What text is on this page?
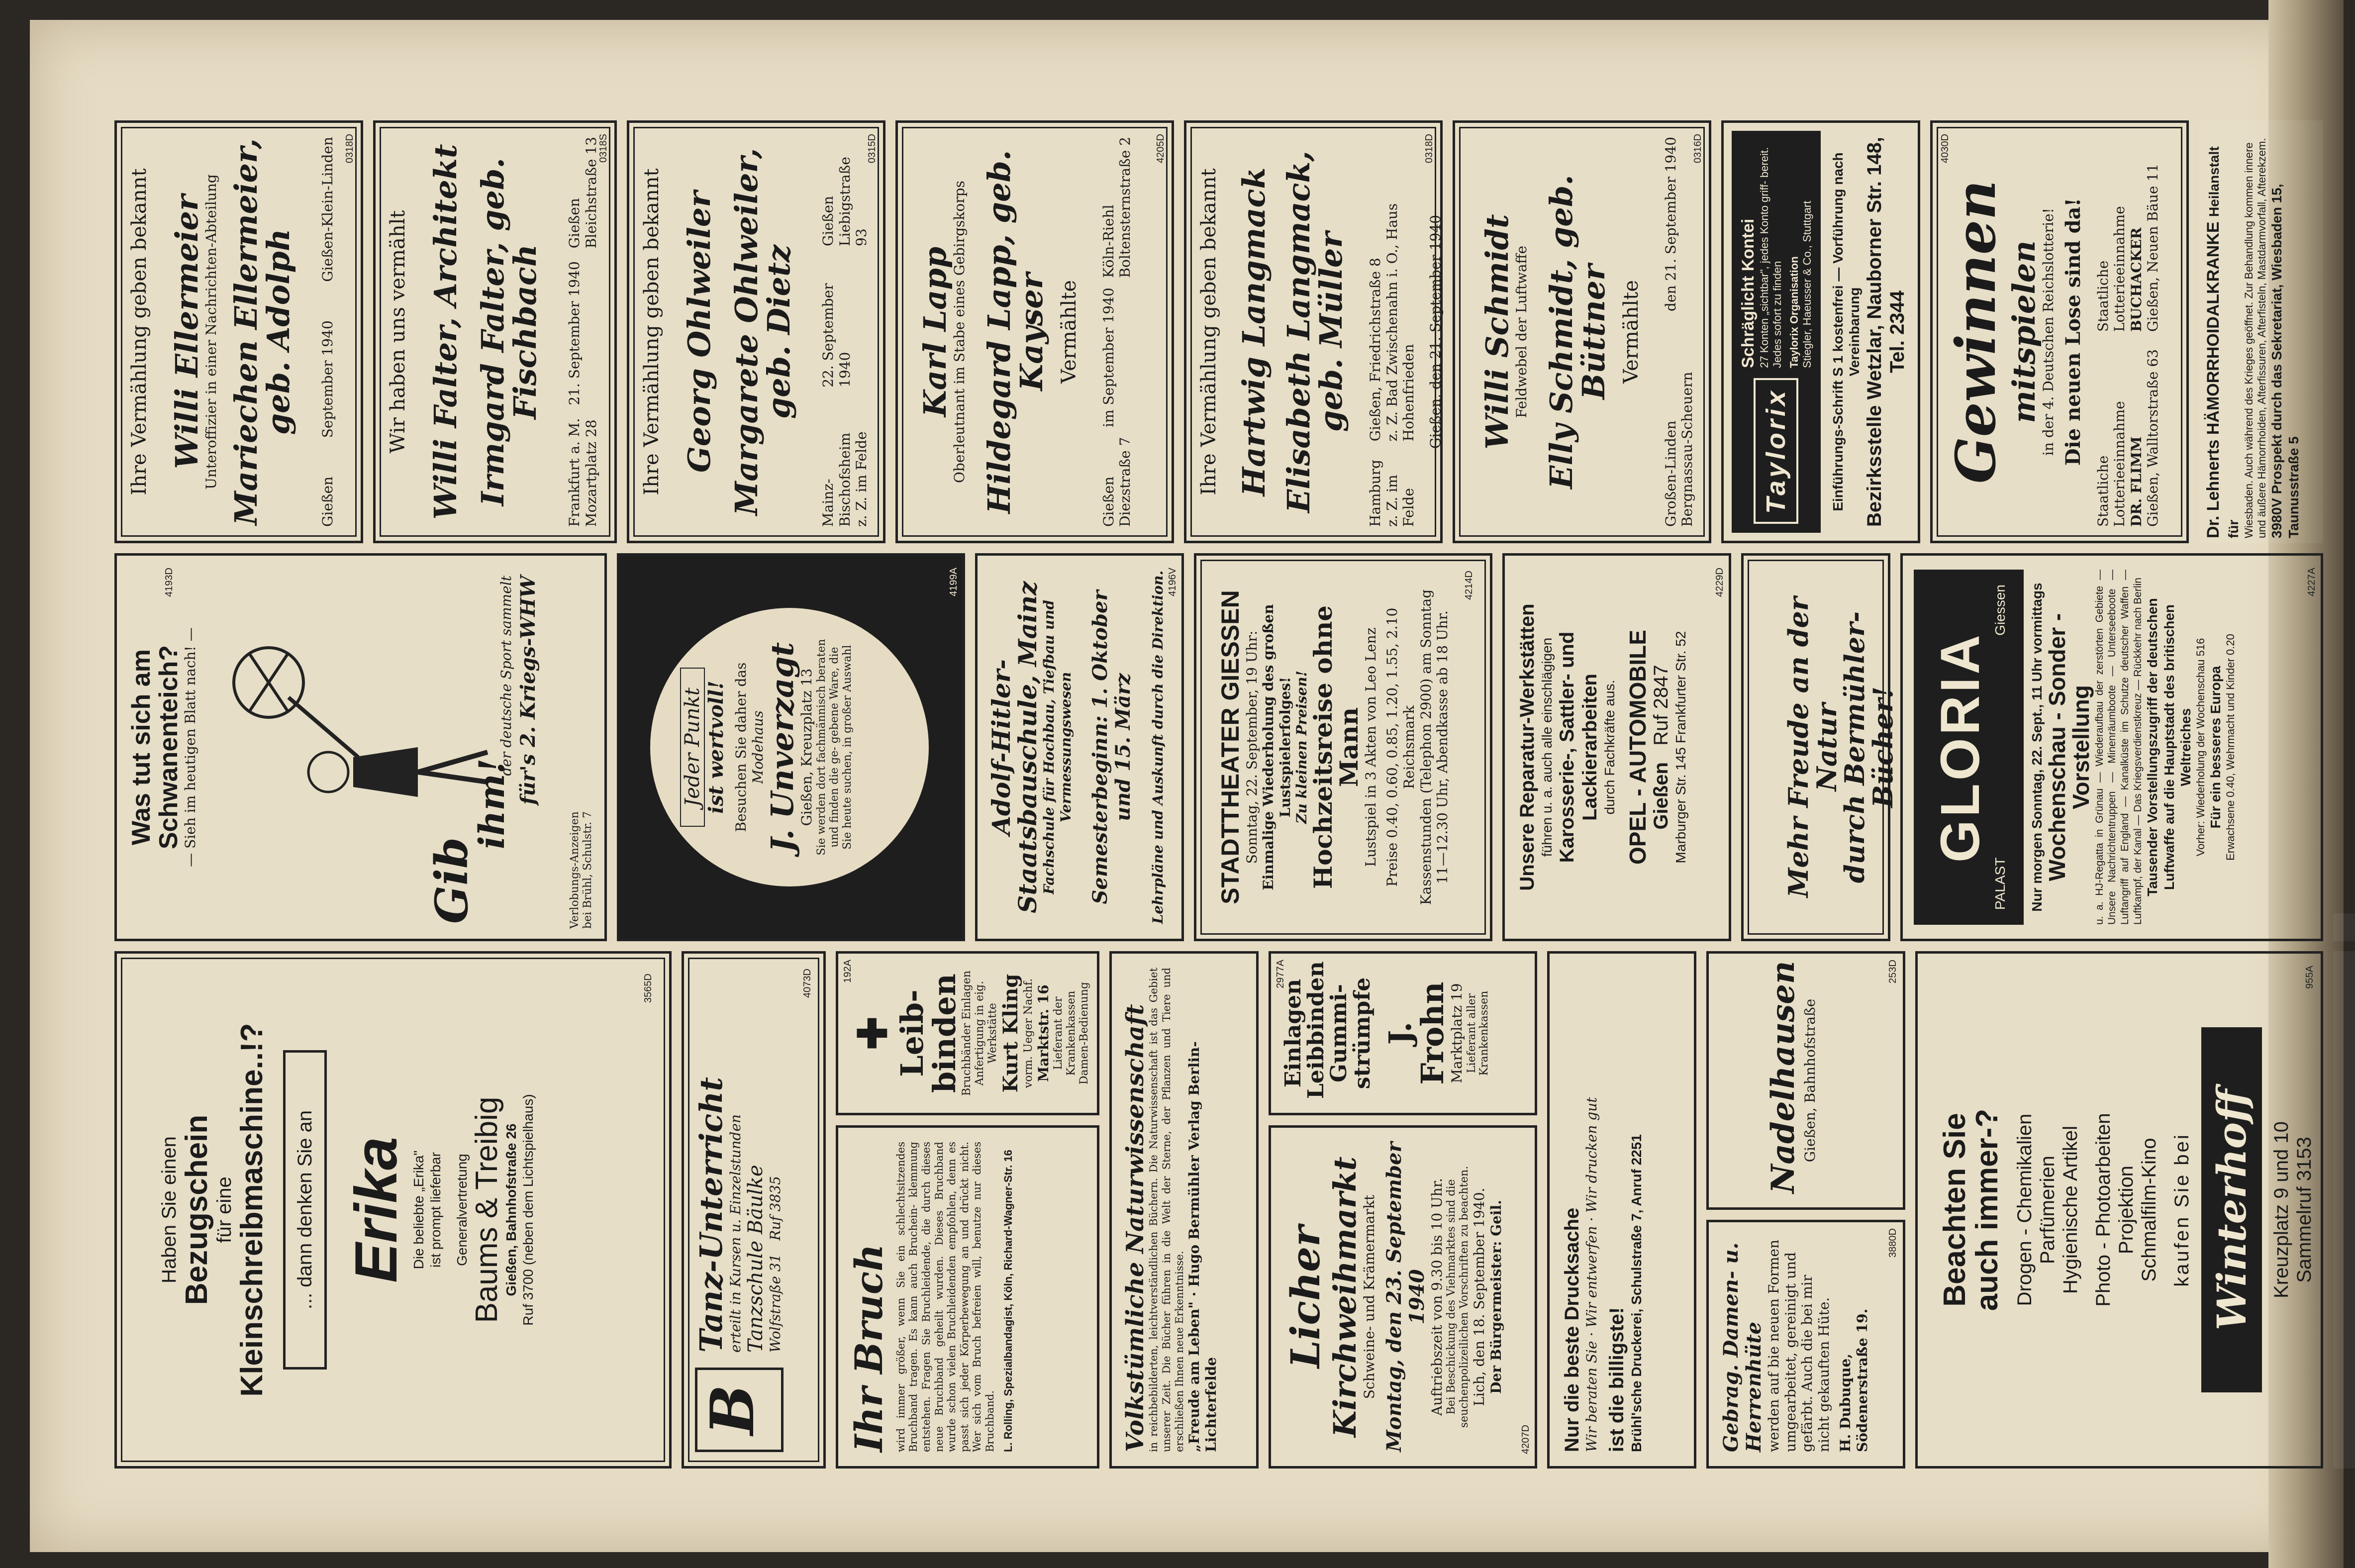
Ihre Vermählung geben bekannt Willi Ellermeier
Unteroffizier in einer Nachrichten-Abteilung Mariechen Ellermeier, geb. Adolph
Gießen
September 1940
Gießen-Klein-Linden 0318D
Wir haben uns vermählt Willi Falter, Architekt Irmgard Falter, geb. Fischbach
Frankfurt a. M.
Mozartplatz 28
21. September 1940
Gießen
Bleichstraße 13
0318S
Ihre Vermählung geben bekannt Georg Ohlweiler Margarete Ohlweiler, geb. Dietz
Mainz-Bischofsheim
z. Z. im Felde
22. September 1940
Gießen
Liebigstraße 93
0315D
Karl Lapp
Oberleutnant im Stabe eines Gebirgskorps Hildegard Lapp, geb. Kayser Vermählte
Gießen
Diezstraße 7
im September 1940
Köln-Riehl
Boltensternstraße 2 4205D
Ihre Vermählung geben bekannt Hartwig Langmack Elisabeth Langmack, geb. Müller
Hamburg
z. Z. im Felde
Gießen, Friedrichstraße 8
z. Z. Bad Zwischenahn i. O., Haus Hohenfrieden Gießen, den 21. September 1940
0318D
Willi Schmidt
Feldwebel der Luftwaffe Elly Schmidt, geb. Büttner Vermählte
Großen-Linden
Bergnassau-Scheuern
den 21. September 1940	0316D
Taylorix
Schräglicht Kontei 27 Konten „sichtbar", jedes Konto griff- bereit. Jedes sofort zu finden Taylorix Organisation Stiegler, Haeusser & Co., Stuttgart Einführungs-Schrift S 1 kostenfrei — Vorführung nach Vereinbarung Bezirksstelle Wetzlar, Nauborner Str. 148, Tel. 2344 Gewinnen
mitspielen
in der 4. Deutschen Reichslotterie! Die neuen Lose sind da!
Staatliche Lotterieeinnahme DR. FLIMM Gießen, Walltorstraße 63
Staatliche Lotterieeinnahme BUCHACKER Gießen, Neuen Bäue 11
4030D
Dr. Lehnerts HÄMORRHOIDALKRANKE Heilanstalt für Wiesbaden. Auch während des Krieges geöffnet. Zur Behandlung kommen innere und äußere Hämorrhoiden, Afterfissuren, Afterfisteln, Mastdarmvorfall, Afterekzem. 3980V Prospekt durch das Sekretariat, Wiesbaden 15, Taunusstraße 5
Was tut sich am Schwanenteich?
— Sieh im heutigen Blatt nach! —
4193D
Gib
ihm!
der deutsche Sport sammelt für's 2. Kriegs-WHW
Verlobungs-Anzeigen
bei Brühl, Schulstr. 7
Jeder Punkt ist wertvoll! Besuchen Sie daher das Modehaus
J. Unverzagt
Gießen, Kreuzplatz 13 Sie werden dort fachmännisch beraten und finden die ge- gebene Ware, die Sie heute suchen, in großer Auswahl
4199A
Adolf-Hitler-Staatsbauschule, Mainz
Fachschule für Hochbau, Tiefbau und Vermessungswesen Semesterbeginn: 1. Oktober und 15. März Lehrpläne und Auskunft durch die Direktion. 4196V
STADTTHEATER GIESSEN
Sonntag, 22. September, 19 Uhr: Einmalige Wiederholung des großen Lustspielerfolges! Zu kleinen Preisen!
Hochzeitsreise ohne Mann
Lustspiel in 3 Akten von Leo Lenz Preise 0.40, 0.60, 0.85, 1.20, 1.55, 2.10 Reichsmark Kassenstunden (Telephon 2900) am Sonntag 11—12.30 Uhr, Abendkasse ab 18 Uhr.
4214D
Unsere Reparatur-Werkstätten führen u. a. auch alle einschlägigen Karosserie-, Sattler- und Lackierarbeiten durch Fachkräfte aus. OPEL - AUTOMOBILE Gießen   Ruf 2847 Marburger Str. 145 Frankfurter Str. 52
4229D
Mehr Freude an der Natur
durch Bermühler-Bücher! GLORIA
PALAST
Giessen Nur morgen Sonntag, 22. Sept., 11 Uhr vormittags Wochenschau - Sonder - Vorstellung u. a. HJ-Regatta in Grünau — Wiederaufbau der zerstörten Gebiete — Unsere Nachrichtentruppen — Minenräumboote — Unterseeboote — Luftangriff auf England — Kanalküste im Schutze deutscher Waffen — Luftkampf, der Kanal — Das Kriegsverdienstkreuz — Rückkehr nach Berlin Tausender Vorstellungszugriff der deutschen Luftwaffe auf die Hauptstadt des britischen Weltreiches Vorher: Wiederholung der Wochenschau 516 Für ein besseres Europa Erwachsene 0.40, Wehrmacht und Kinder 0.20
4227A
Haben Sie einen Bezugschein für eine Kleinschreibmaschine..!?	... dann denken Sie an Erika Die beliebte „Erika" ist prompt lieferbar Generalvertretung Baums & Treibig Gießen, Bahnhofstraße 26 Ruf 3700 (neben dem Lichtspielhaus)
3565D
B
Tanz-Unterricht
erteilt in Kursen u. Einzelstunden Tanzschule Bäulke Wolfstraße 31   Ruf 3835
4073D
Ihr Bruch wird immer größer, wenn Sie ein schlechtsitzendes Bruchband tragen. Es kann auch Bruchein- klemmung entstehen. Fragen Sie Bruchleidende, die durch dieses neue Bruchband geheilt wurden. Dieses Bruchband wurde schon vielen Bruchleidenden empfohlen, denn es passt sich jeder Körperbewegung an und drückt nicht. Wer sich vom Bruch befreien will, benutze nur dieses Bruchband. L. Rolling, Spezialbandagist, Köln, Richard-Wagner-Str. 16
✚
Leib-
binden
Bruchbänder Einlagen Anfertigung in eig. Werkstätte Kurt Kling vorm. Ueger Nachf. Marktstr. 16 Lieferant der Krankenkassen Damen-Bedienung
192A
Volkstümliche Naturwissenschaft
in reichbebilderten, leichtverständlichen Büchern. Die Naturwissenschaft ist das Gebiet unserer Zeit. Die Bücher führen in die Welt der Sterne, der Pflanzen und Tiere und erschließen Ihnen neue Erkenntnisse. „Freude am Leben" · Hugo Bermühler Verlag Berlin-Lichterfelde
Licher
Kirchweihmarkt
Schweine- und Krämermarkt Montag, den 23. September 1940 Auftriebszeit von 9.30 bis 10 Uhr. Bei Beschickung des Viehmarktes sind die seuchenpolizeilichen Vorschriften zu beachten. Lich, den 18. September 1940. Der Bürgermeister: Geil.
4207D
Einlagen
Leibbinden
Gummi-
strümpfe J. Frohn
Marktplatz 19 Lieferant aller Krankenkassen
2977A
Nur die beste Drucksache Wir beraten Sie · Wir entwerfen · Wir drucken gut
ist die billigste! Brühl'sche Druckerei, Schulstraße 7, Anruf 2251	Gebrag. Damen- u. Herrenhüte werden auf bie neuen Formen umgearbeitet, gereinigt und gefärbt. Auch die bei mir nicht gekauften Hüte. H. Dubuque, Södenerstraße 19.
3880D
Nadelhausen Gießen, Bahnhofstraße
253D
Beachten Sie
auch immer-? Drogen - Chemikalien Parfümerien Hygienische Artikel Photo - Photoarbeiten Projektion Schmalfilm-Kino kaufen Sie bei Winterhoff Kreuzplatz 9 und 10 Sammelruf 3153
955A
